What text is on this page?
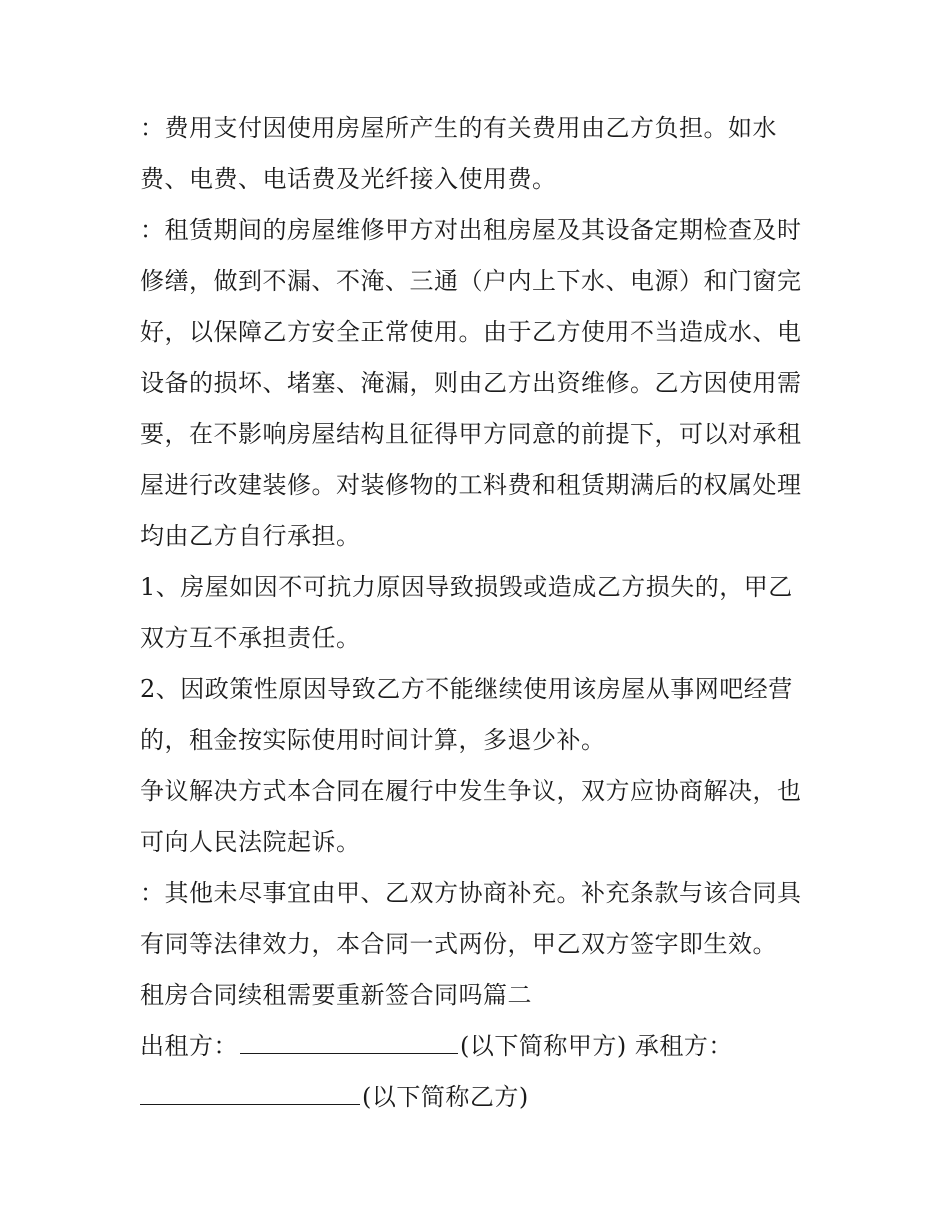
：费用支付因使用房屋所产生的有关费用由乙方负担。如水费、电费、电话费及光纤接入使用费。

：租赁期间的房屋维修甲方对出租房屋及其设备定期检查及时修缮，做到不漏、不淹、三通（户内上下水、电源）和门窗完好，以保障乙方安全正常使用。由于乙方使用不当造成水、电设备的损坏、堵塞、淹漏，则由乙方出资维修。乙方因使用需要，在不影响房屋结构且征得甲方同意的前提下，可以对承租屋进行改建装修。对装修物的工料费和租赁期满后的权属处理均由乙方自行承担。

1、房屋如因不可抗力原因导致损毁或造成乙方损失的，甲乙双方互不承担责任。

2、因政策性原因导致乙方不能继续使用该房屋从事网吧经营的，租金按实际使用时间计算，多退少补。

争议解决方式本合同在履行中发生争议，双方应协商解决，也可向人民法院起诉。

：其他未尽事宜由甲、乙双方协商补充。补充条款与该合同具有同等法律效力，本合同一式两份，甲乙双方签字即生效。

租房合同续租需要重新签合同吗篇二

出租方：	(以下简称甲方) 承租方：

(以下简称乙方)
